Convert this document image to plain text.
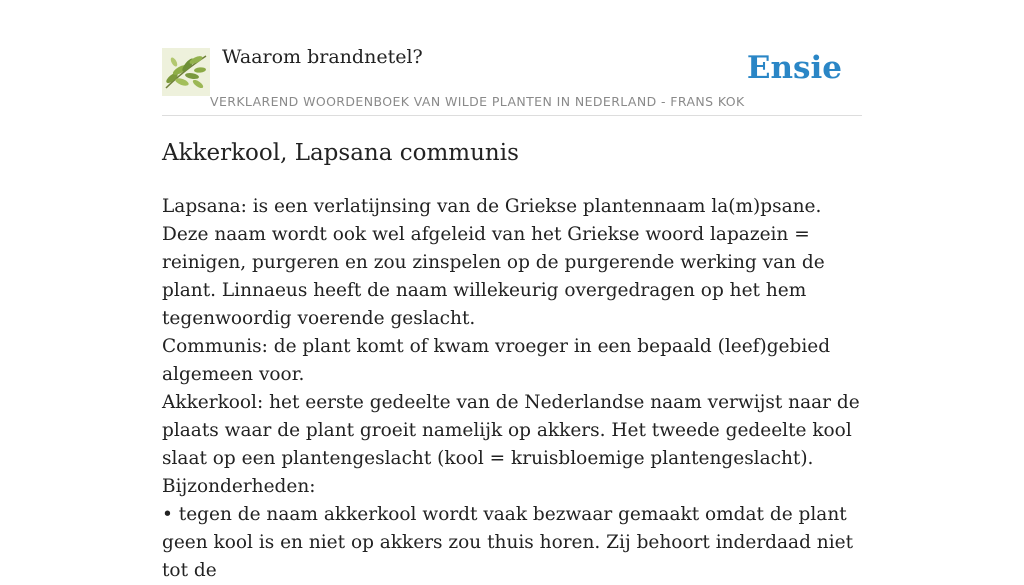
Waarom brandnetel?	Ensie
VERKLAREND WOORDENBOEK VAN WILDE PLANTEN IN NEDERLAND - FRANS KOK
Akkerkool, Lapsana communis

Lapsana: is een verlatijnsing van de Griekse plantennaam la(m)psane. Deze naam wordt ook wel afgeleid van het Griekse woord lapazein = reinigen, purgeren en zou zinspelen op de purgerende werking van de plant. Linnaeus heeft de naam willekeurig overgedragen op het hem tegenwoordig voerende geslacht.

Communis: de plant komt of kwam vroeger in een bepaald (leef)gebied algemeen voor.

Akkerkool: het eerste gedeelte van de Nederlandse naam verwijst naar de plaats waar de plant groeit namelijk op akkers. Het tweede gedeelte kool slaat op een plantengeslacht (kool = kruisbloemige plantengeslacht).

Bijzonderheden:

• tegen de naam akkerkool wordt vaak bezwaar gemaakt omdat de plant geen kool is en niet op akkers zou thuis horen. Zij behoort inderdaad niet tot de
